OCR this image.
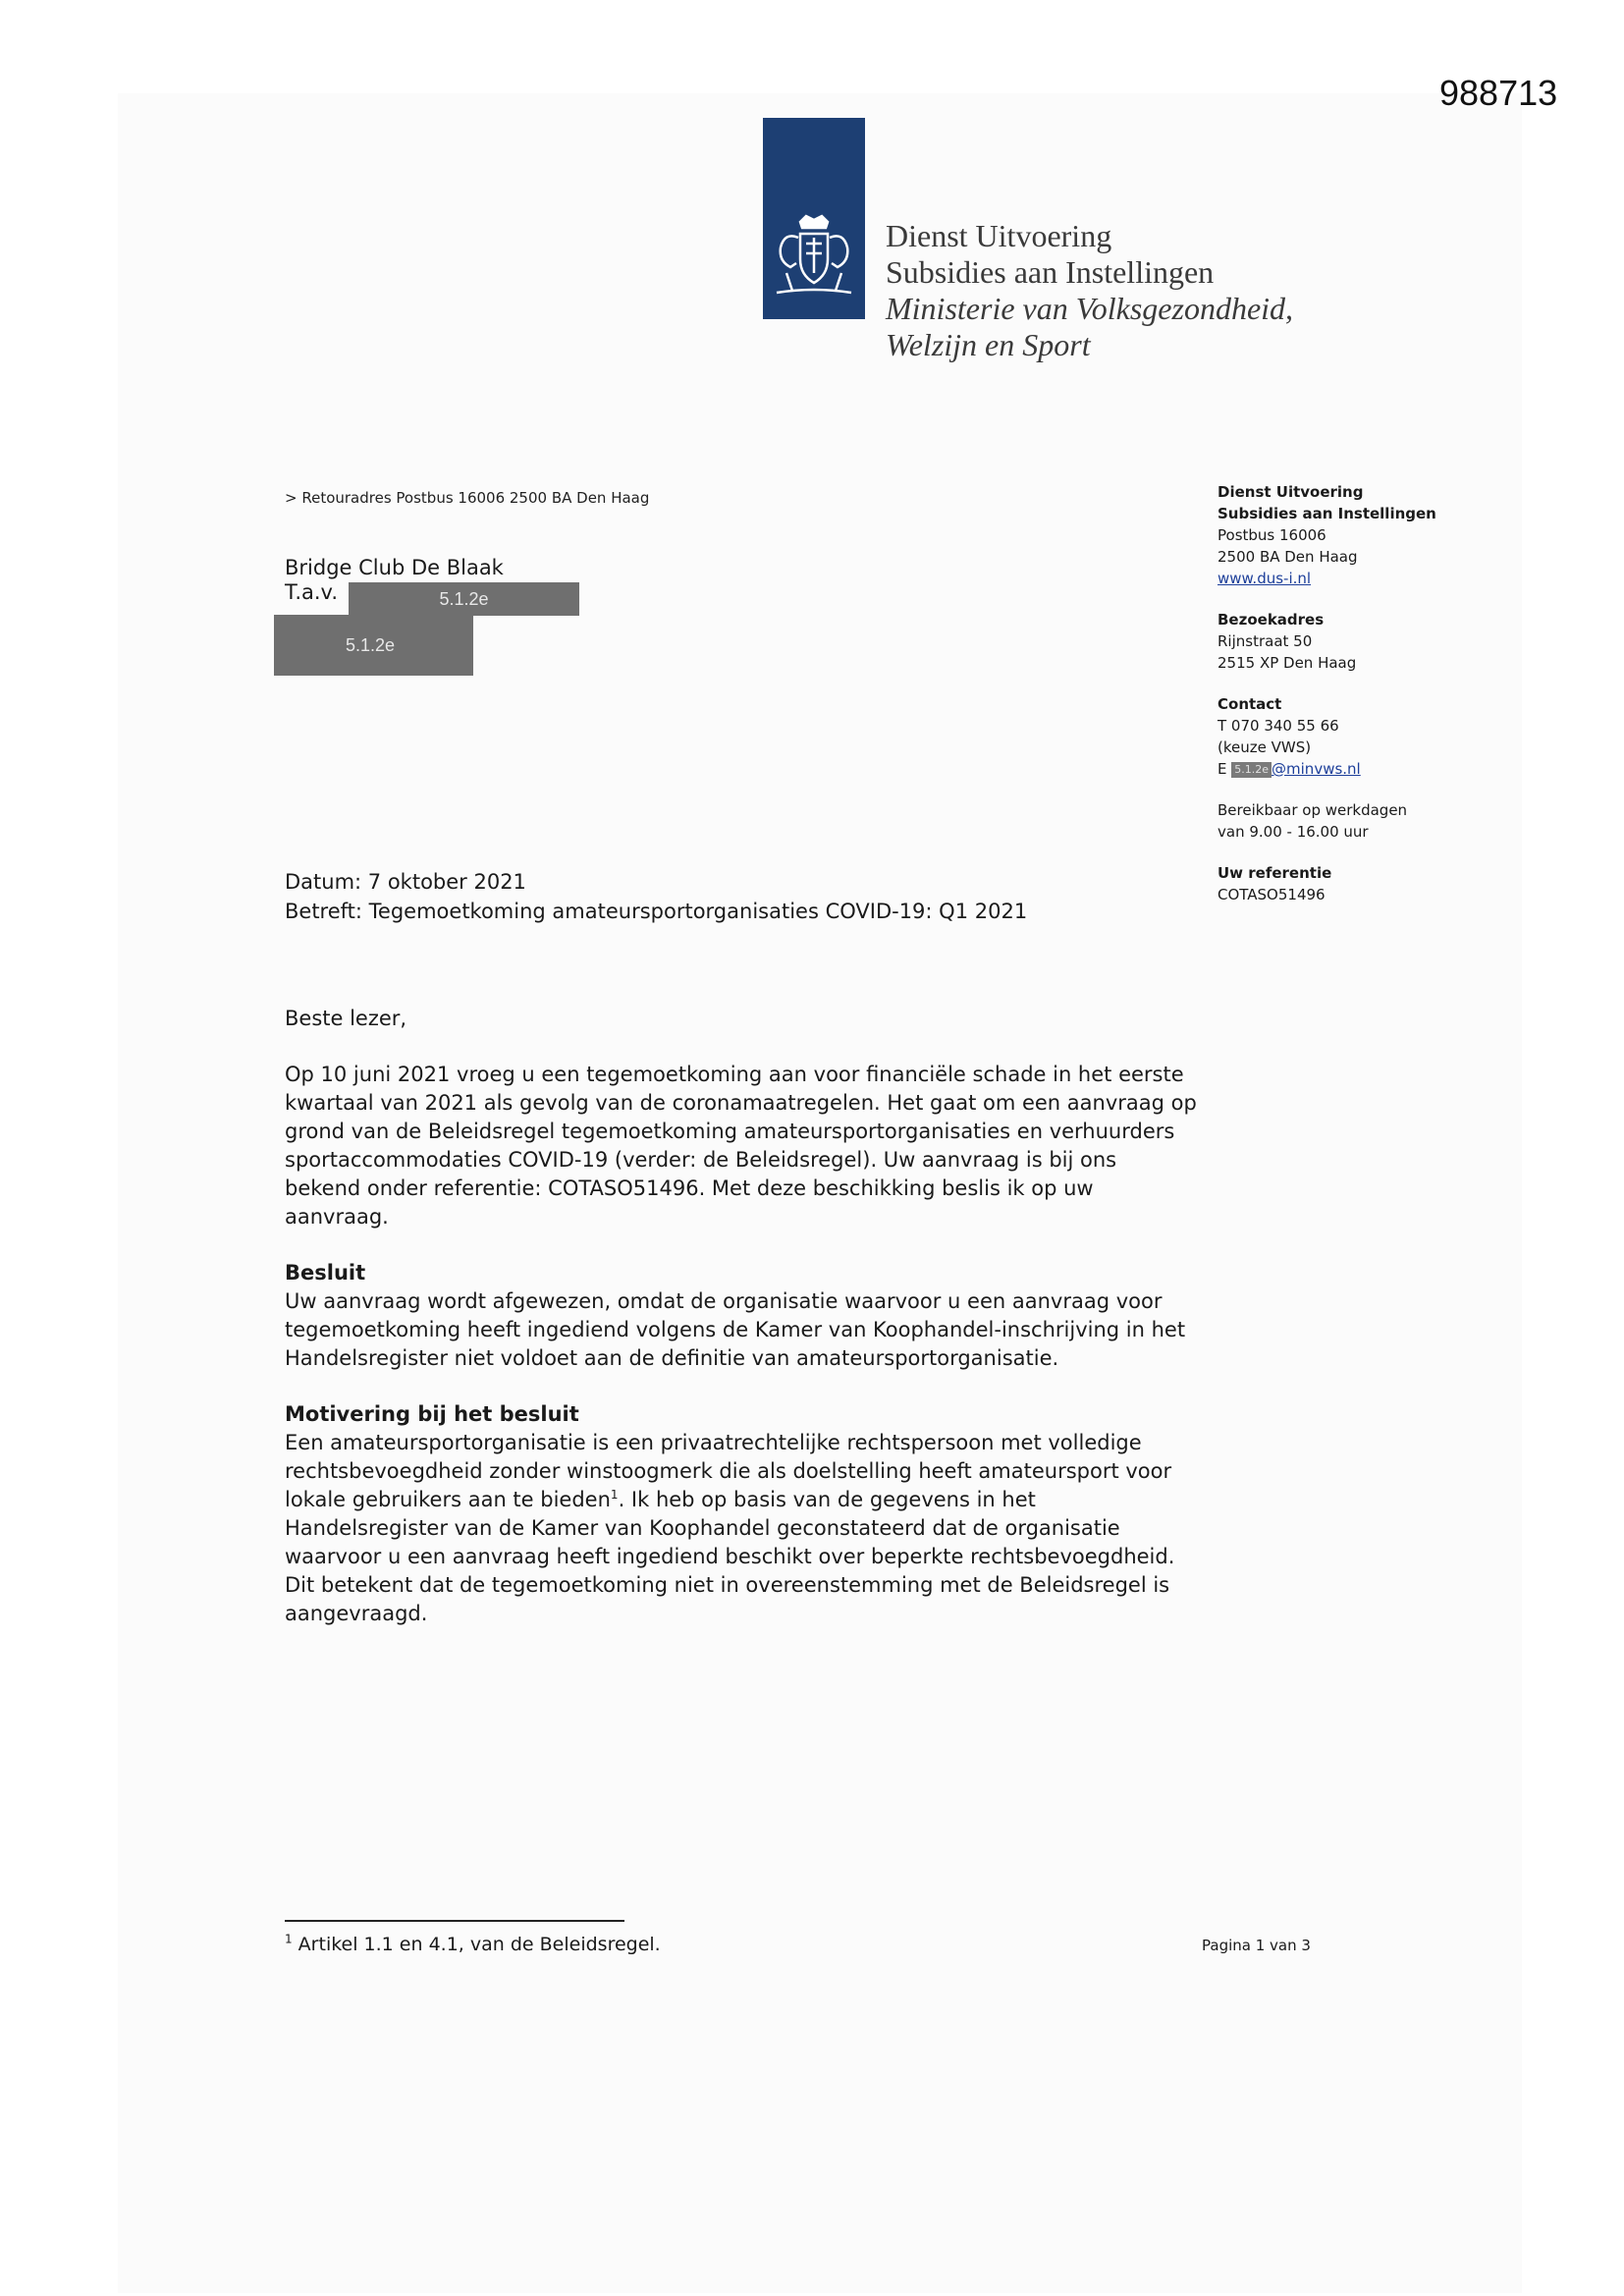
988713
Dienst Uitvoering
Subsidies aan Instellingen
Ministerie van Volksgezondheid,
Welzijn en Sport
> Retouradres Postbus 16006 2500 BA Den Haag
Bridge Club De Blaak
T.a.v.	5.1.2e
5.1.2e
Dienst Uitvoering
Subsidies aan Instellingen
Postbus 16006
2500 BA Den Haag
www.dus-i.nl
Bezoekadres
Rijnstraat 50
2515 XP Den Haag
Contact
T 070 340 55 66
(keuze VWS)
E 5.1.2e @minvws.nl
Bereikbaar op werkdagen
van 9.00 - 16.00 uur
Uw referentie
COTASO51496
Datum: 7 oktober 2021
Betreft: Tegemoetkoming amateursportorganisaties COVID-19: Q1 2021

Beste lezer,

Op 10 juni 2021 vroeg u een tegemoetkoming aan voor financiële schade in het eerste kwartaal van 2021 als gevolg van de coronamaatregelen. Het gaat om een aanvraag op grond van de Beleidsregel tegemoetkoming amateursportorganisaties en verhuurders sportaccommodaties COVID-19 (verder: de Beleidsregel). Uw aanvraag is bij ons bekend onder referentie: COTASO51496. Met deze beschikking beslis ik op uw aanvraag.

Besluit
Uw aanvraag wordt afgewezen, omdat de organisatie waarvoor u een aanvraag voor tegemoetkoming heeft ingediend volgens de Kamer van Koophandel-inschrijving in het Handelsregister niet voldoet aan de definitie van amateursportorganisatie.
Motivering bij het besluit
Een amateursportorganisatie is een privaatrechtelijke rechtspersoon met volledige rechtsbevoegdheid zonder winstoogmerk die als doelstelling heeft amateursport voor lokale gebruikers aan te bieden$^1$. Ik heb op basis van de gegevens in het Handelsregister van de Kamer van Koophandel geconstateerd dat de organisatie waarvoor u een aanvraag heeft ingediend beschikt over beperkte rechtsbevoegdheid. Dit betekent dat de tegemoetkoming niet in overeenstemming met de Beleidsregel is aangevraagd.
$^1$ Artikel 1.1 en 4.1, van de Beleidsregel.	Pagina 1 van 3
